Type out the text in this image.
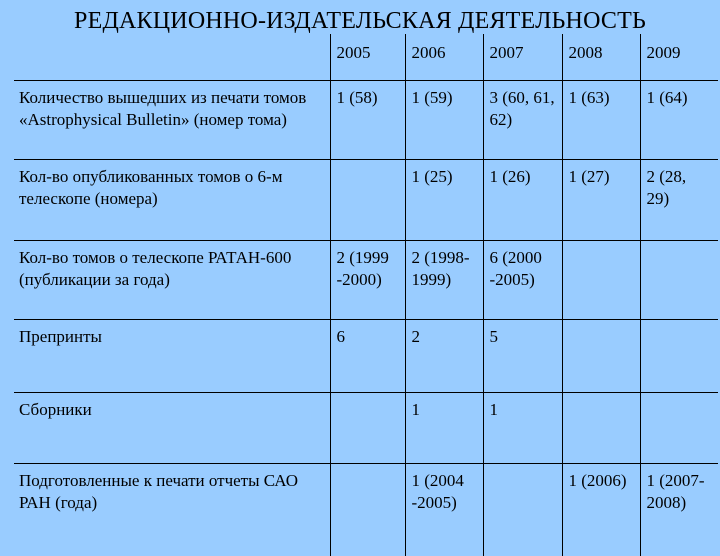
РЕДАКЦИОННО-ИЗДАТЕЛЬСКАЯ ДЕЯТЕЛЬНОСТЬ
	2005	2006	2007	2008	2009
Количество вышедших из печати томов «Astrophysical Bulletin» (номер тома)	1 (58)	1 (59)	3 (60, 61, 62)	1 (63)	1 (64)
Кол-во опубликованных томов о 6-м телескопе (номера)		1 (25)	1 (26)	1 (27)	2 (28, 29)
Кол-во томов о телескопе РАТАН-600 (публикации за года)	2 (1999 -2000)	2 (1998-1999)	6 (2000 -2005)		
Препринты	6	2	5		
Сборники		1	1		
Подготовленные к печати отчеты САО РАН (года)		1 (2004 -2005)		1 (2006)	1 (2007-2008)
